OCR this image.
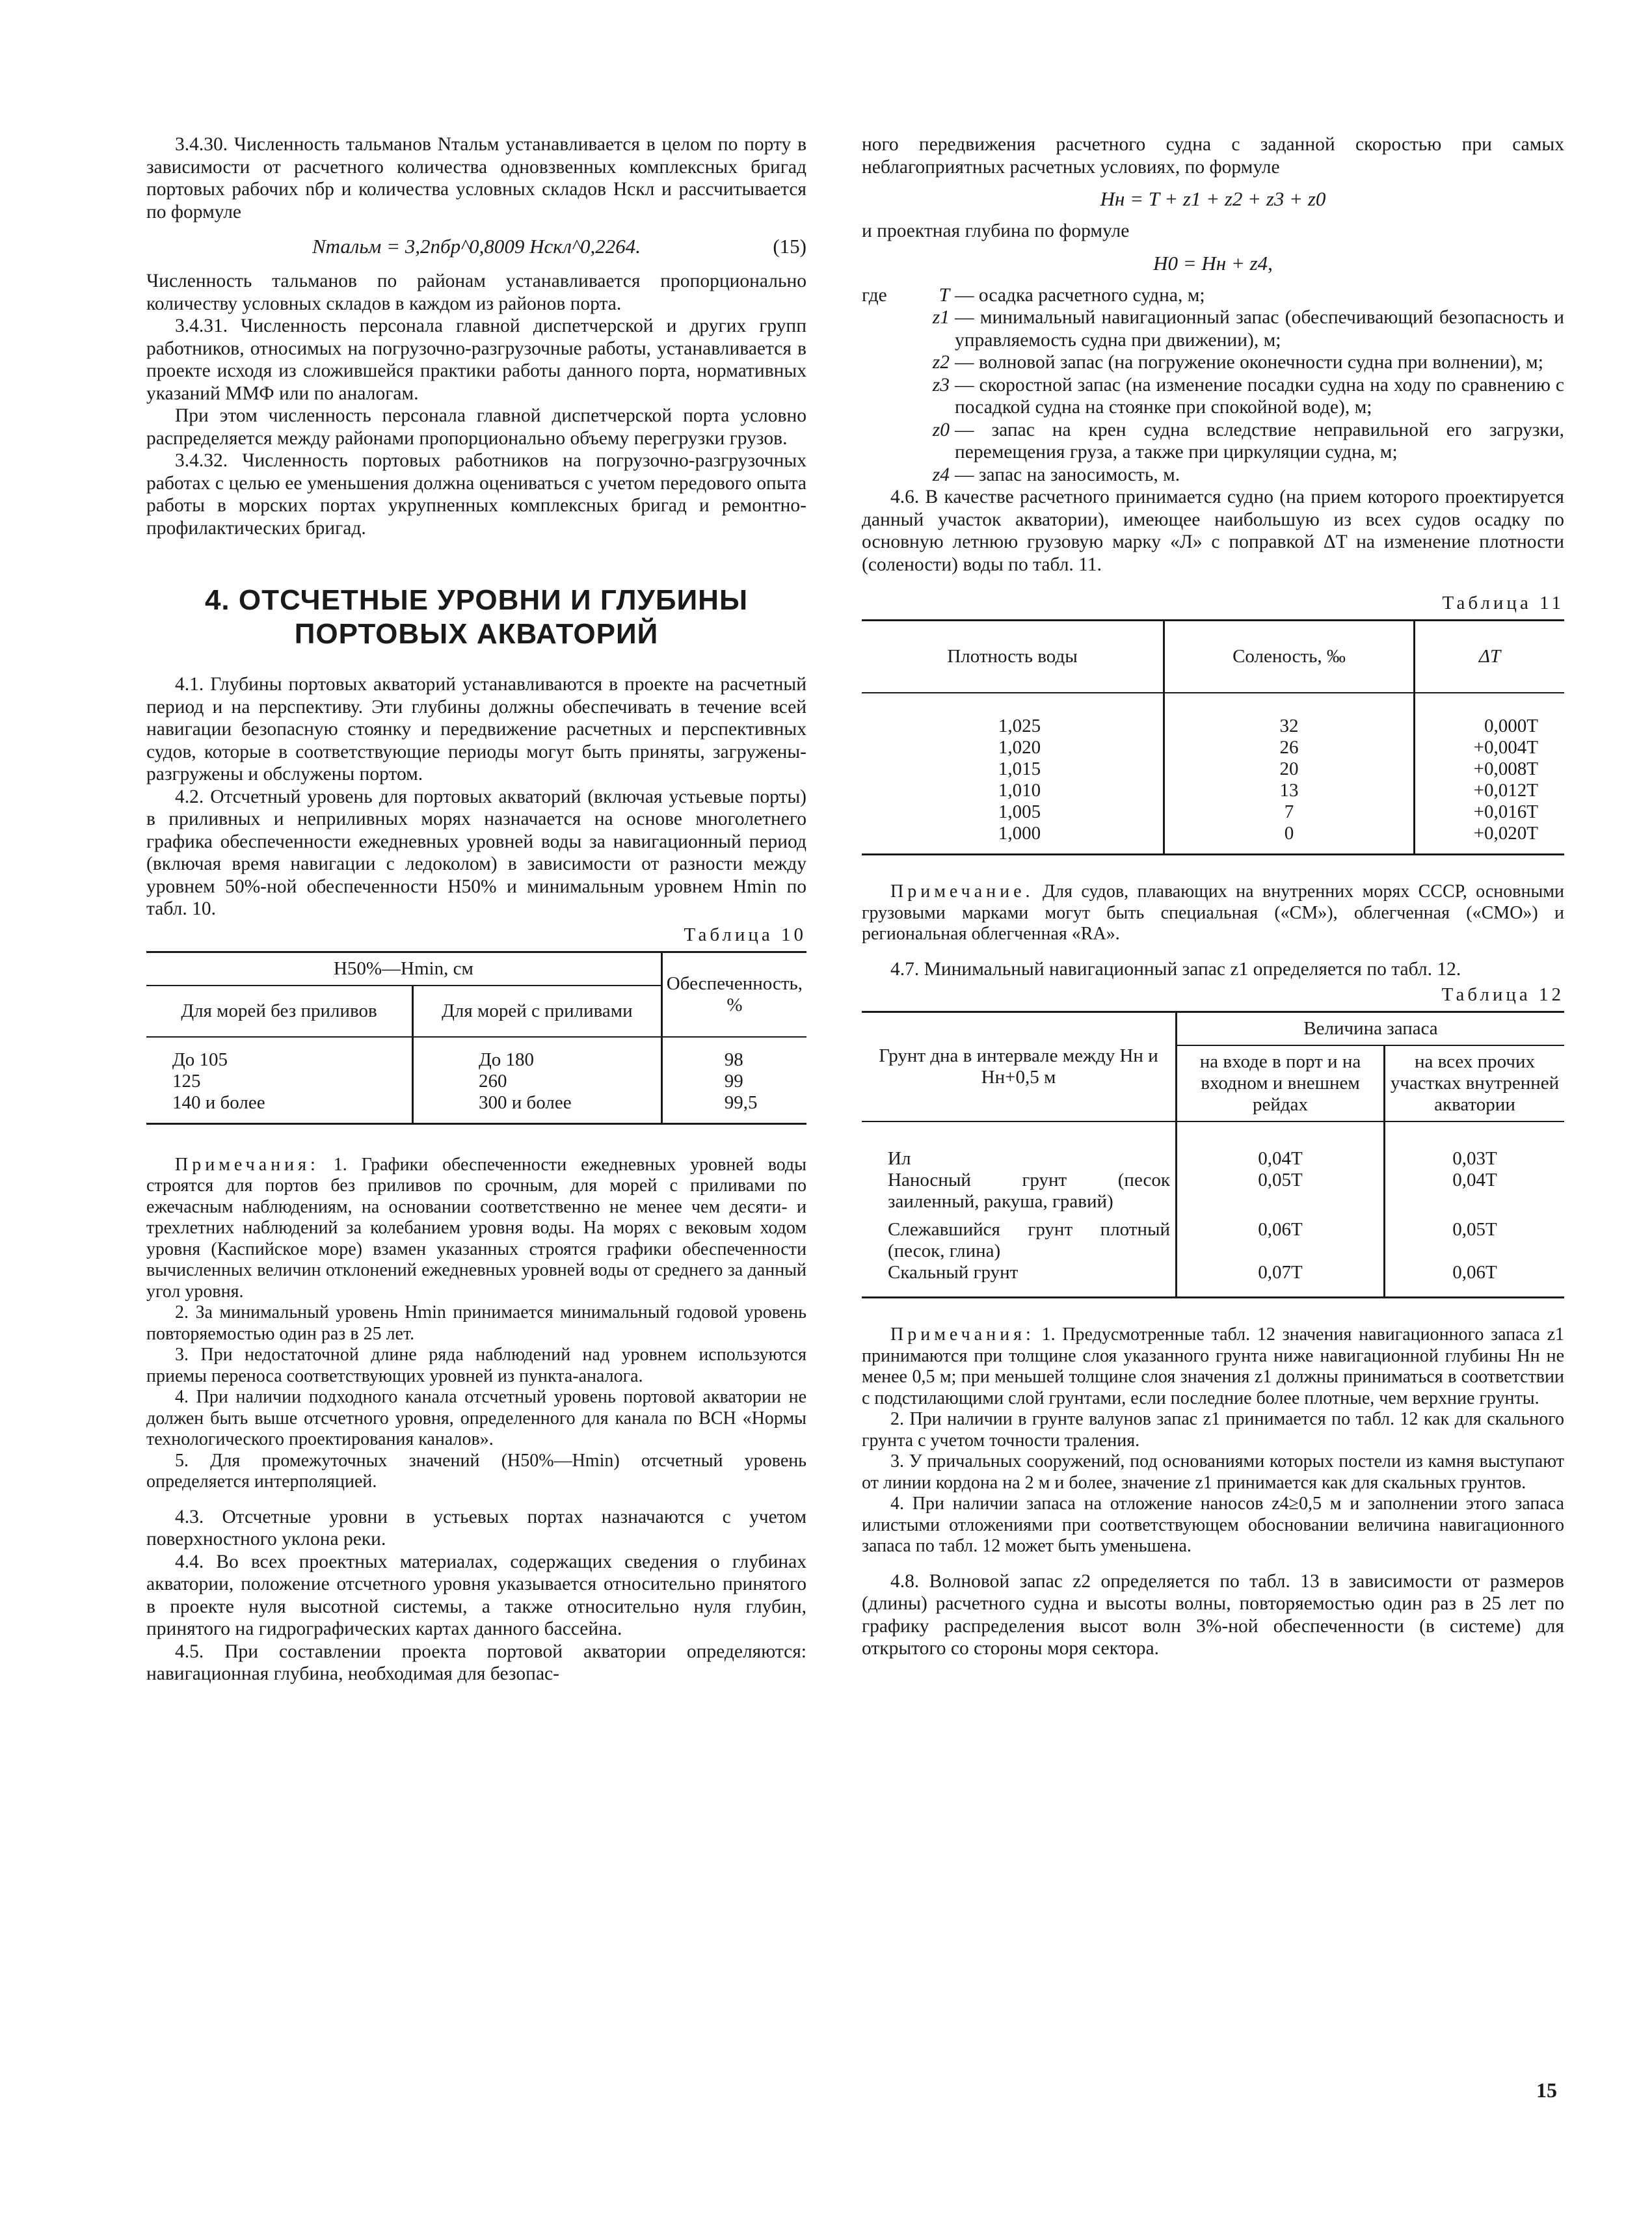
3.4.30. Численность тальманов Nтальм устанавливается в целом по порту в зависимости от расчетного количества одновзвенных комплексных бригад портовых рабочих nбр и количества условных складов Hскл и рассчитывается по формуле

Nтальм = 3,2nбр^0,8009 Hскл^0,2264.	(15)

Численность тальманов по районам устанавливается пропорционально количеству условных складов в каждом из районов порта.

3.4.31. Численность персонала главной диспетчерской и других групп работников, относимых на погрузочно-разгрузочные работы, устанавливается в проекте исходя из сложившейся практики работы данного порта, нормативных указаний ММФ или по аналогам.

При этом численность персонала главной диспетчерской порта условно распределяется между районами пропорционально объему перегрузки грузов.

3.4.32. Численность портовых работников на погрузочно-разгрузочных работах с целью ее уменьшения должна оцениваться с учетом передового опыта работы в морских портах укрупненных комплексных бригад и ремонтно-профилактических бригад.

4. ОТСЧЕТНЫЕ УРОВНИ И ГЛУБИНЫ ПОРТОВЫХ АКВАТОРИЙ

4.1. Глубины портовых акваторий устанавливаются в проекте на расчетный период и на перспективу. Эти глубины должны обеспечивать в течение всей навигации безопасную стоянку и передвижение расчетных и перспективных судов, которые в соответствующие периоды могут быть приняты, загружены-разгружены и обслужены портом.

4.2. Отсчетный уровень для портовых акваторий (включая устьевые порты) в приливных и неприливных морях назначается на основе многолетнего графика обеспеченности ежедневных уровней воды за навигационный период (включая время навигации с ледоколом) в зависимости от разности между уровнем 50%-ной обеспеченности H50% и минимальным уровнем Hmin по табл. 10.

Таблица 10
H50%—Hmin, см		Обеспеченность, %
Для морей без приливов	Для морей с приливами	

До 105	До 180	98
125	260	99
140 и более	300 и более	99,5

Примечания: 1. Графики обеспеченности ежедневных уровней воды строятся для портов без приливов по срочным, для морей с приливами по ежечасным наблюдениям, на основании соответственно не менее чем десяти- и трехлетних наблюдений за колебанием уровня воды. На морях с вековым ходом уровня (Каспийское море) взамен указанных строятся графики обеспеченности вычисленных величин отклонений ежедневных уровней воды от среднего за данный угол уровня.

2. За минимальный уровень Hmin принимается минимальный годовой уровень повторяемостью один раз в 25 лет.

3. При недостаточной длине ряда наблюдений над уровнем используются приемы переноса соответствующих уровней из пункта-аналога.

4. При наличии подходного канала отсчетный уровень портовой акватории не должен быть выше отсчетного уровня, определенного для канала по ВСН «Нормы технологического проектирования каналов».

5. Для промежуточных значений (H50%—Hmin) отсчетный уровень определяется интерполяцией.

4.3. Отсчетные уровни в устьевых портах назначаются с учетом поверхностного уклона реки.

4.4. Во всех проектных материалах, содержащих сведения о глубинах акватории, положение отсчетного уровня указывается относительно принятого в проекте нуля высотной системы, а также относительно нуля глубин, принятого на гидрографических картах данного бассейна.

4.5. При составлении проекта портовой акватории определяются: навигационная глубина, необходимая для безопас-

ного передвижения расчетного судна с заданной скоростью при самых неблагоприятных расчетных условиях, по формуле

Hн = T + z1 + z2 + z3 + z0

и проектная глубина по формуле

H0 = Hн + z4,
где	T — осадка расчетного судна, м;
z1 — минимальный навигационный запас (обеспечивающий безопасность и управляемость судна при движении), м;
z2 — волновой запас (на погружение оконечности судна при волнении), м;
z3 — скоростной запас (на изменение посадки судна на ходу по сравнению с посадкой судна на стоянке при спокойной воде), м;
z0 — запас на крен судна вследствие неправильной его загрузки, перемещения груза, а также при циркуляции судна, м;
z4 — запас на заносимость, м.

4.6. В качестве расчетного принимается судно (на прием которого проектируется данный участок акватории), имеющее наибольшую из всех судов осадку по основную летнюю грузовую марку «Л» с поправкой ΔT на изменение плотности (солености) воды по табл. 11.

Таблица 11
Плотность воды	Соленость, ‰	ΔT

1,025	32	0,000T
1,020	26	+0,004T
1,015	20	+0,008T
1,010	13	+0,012T
1,005	7	+0,016T
1,000	0	+0,020T

Примечание. Для судов, плавающих на внутренних морях СССР, основными грузовыми марками могут быть специальная («СМ»), облегченная («СМО») и региональная облегченная «RA».

4.7. Минимальный навигационный запас z1 определяется по табл. 12.

Таблица 12
Грунт дна в интервале между Hн и Hн+0,5 м	Величина запаса	
	на входе в порт и на входном и внешнем рейдах	на всех прочих участках внутренней акватории

Ил	0,04T	0,03T
Наносный грунт (песок заиленный, ракуша, гравий)	0,05T	0,04T
Слежавшийся грунт плотный (песок, глина)	0,06T	0,05T
Скальный грунт	0,07T	0,06T

Примечания: 1. Предусмотренные табл. 12 значения навигационного запаса z1 принимаются при толщине слоя указанного грунта ниже навигационной глубины Hн не менее 0,5 м; при меньшей толщине слоя значения z1 должны приниматься в соответствии с подстилающими слой грунтами, если последние более плотные, чем верхние грунты.

2. При наличии в грунте валунов запас z1 принимается по табл. 12 как для скального грунта с учетом точности траления.

3. У причальных сооружений, под основаниями которых постели из камня выступают от линии кордона на 2 м и более, значение z1 принимается как для скальных грунтов.

4. При наличии запаса на отложение наносов z4≥0,5 м и заполнении этого запаса илистыми отложениями при соответствующем обосновании величина навигационного запаса по табл. 12 может быть уменьшена.

4.8. Волновой запас z2 определяется по табл. 13 в зависимости от размеров (длины) расчетного судна и высоты волны, повторяемостью один раз в 25 лет по графику распределения высот волн 3%-ной обеспеченности (в системе) для открытого со стороны моря сектора.

15
